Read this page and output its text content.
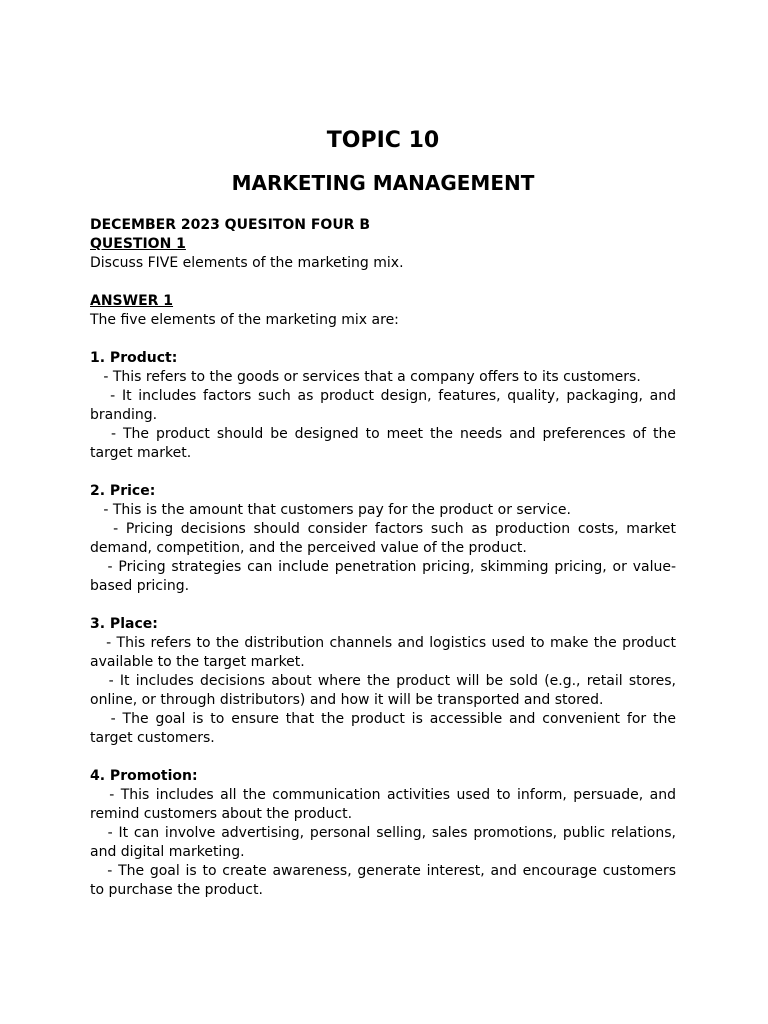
TOPIC 10
MARKETING MANAGEMENT

DECEMBER 2023 QUESITON FOUR B

QUESTION 1

Discuss FIVE elements of the marketing mix.

ANSWER 1

The five elements of the marketing mix are:

1. Product:

- This refers to the goods or services that a company offers to its customers.

- It includes factors such as product design, features, quality, packaging, and branding.

- The product should be designed to meet the needs and preferences of the target market.

2. Price:

- This is the amount that customers pay for the product or service.

- Pricing decisions should consider factors such as production costs, market demand, competition, and the perceived value of the product.

- Pricing strategies can include penetration pricing, skimming pricing, or value-based pricing.

3. Place:

- This refers to the distribution channels and logistics used to make the product available to the target market.

- It includes decisions about where the product will be sold (e.g., retail stores, online, or through distributors) and how it will be transported and stored.

- The goal is to ensure that the product is accessible and convenient for the target customers.

4. Promotion:

- This includes all the communication activities used to inform, persuade, and remind customers about the product.

- It can involve advertising, personal selling, sales promotions, public relations, and digital marketing.

- The goal is to create awareness, generate interest, and encourage customers to purchase the product.
